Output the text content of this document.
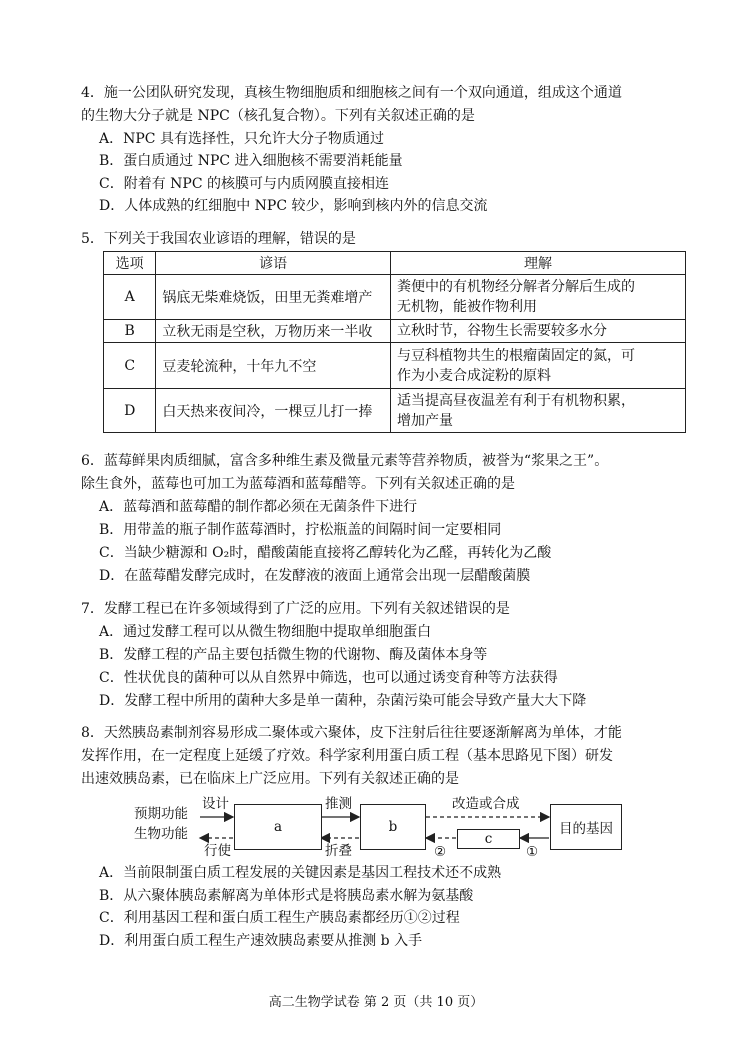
4．施一公团队研究发现，真核生物细胞质和细胞核之间有一个双向通道，组成这个通道
的生物大分子就是 NPC（核孔复合物）。下列有关叙述正确的是
A．NPC 具有选择性，只允许大分子物质通过
B．蛋白质通过 NPC 进入细胞核不需要消耗能量
C．附着有 NPC 的核膜可与内质网膜直接相连
D．人体成熟的红细胞中 NPC 较少，影响到核内外的信息交流
5．下列关于我国农业谚语的理解，错误的是
选项	谚语	理解
A	锅底无柴难烧饭，田里无粪难增产	粪便中的有机物经分解者分解后生成的
无机物，能被作物利用

B	立秋无雨是空秋，万物历来一半收	立秋时节，谷物生长需要较多水分

C	豆麦轮流种，十年九不空	与豆科植物共生的根瘤菌固定的氮，可
作为小麦合成淀粉的原料

D	白天热来夜间冷，一棵豆儿打一捧	适当提高昼夜温差有利于有机物积累，
增加产量
6．蓝莓鲜果肉质细腻，富含多种维生素及微量元素等营养物质，被誉为“浆果之王”。
除生食外，蓝莓也可加工为蓝莓酒和蓝莓醋等。下列有关叙述正确的是
A．蓝莓酒和蓝莓醋的制作都必须在无菌条件下进行
B．用带盖的瓶子制作蓝莓酒时，拧松瓶盖的间隔时间一定要相同
C．当缺少糖源和 O₂时，醋酸菌能直接将乙醇转化为乙醛，再转化为乙酸
D．在蓝莓醋发酵完成时，在发酵液的液面上通常会出现一层醋酸菌膜
7．发酵工程已在许多领域得到了广泛的应用。下列有关叙述错误的是
A．通过发酵工程可以从微生物细胞中提取单细胞蛋白
B．发酵工程的产品主要包括微生物的代谢物、酶及菌体本身等
C．性状优良的菌种可以从自然界中筛选，也可以通过诱变育种等方法获得
D．发酵工程中所用的菌种大多是单一菌种，杂菌污染可能会导致产量大大下降
8．天然胰岛素制剂容易形成二聚体或六聚体，皮下注射后往往要逐渐解离为单体，才能
发挥作用，在一定程度上延缓了疗效。科学家利用蛋白质工程（基本思路见下图）研发
出速效胰岛素，已在临床上广泛应用。下列有关叙述正确的是
预期功能
生物功能
设计
行使
a
推测
折叠
b
改造或合成
c
②	①
目的基因
A．当前限制蛋白质工程发展的关键因素是基因工程技术还不成熟
B．从六聚体胰岛素解离为单体形式是将胰岛素水解为氨基酸
C．利用基因工程和蛋白质工程生产胰岛素都经历①②过程
D．利用蛋白质工程生产速效胰岛素要从推测 b 入手
高二生物学试卷 第 2 页（共 10 页）
